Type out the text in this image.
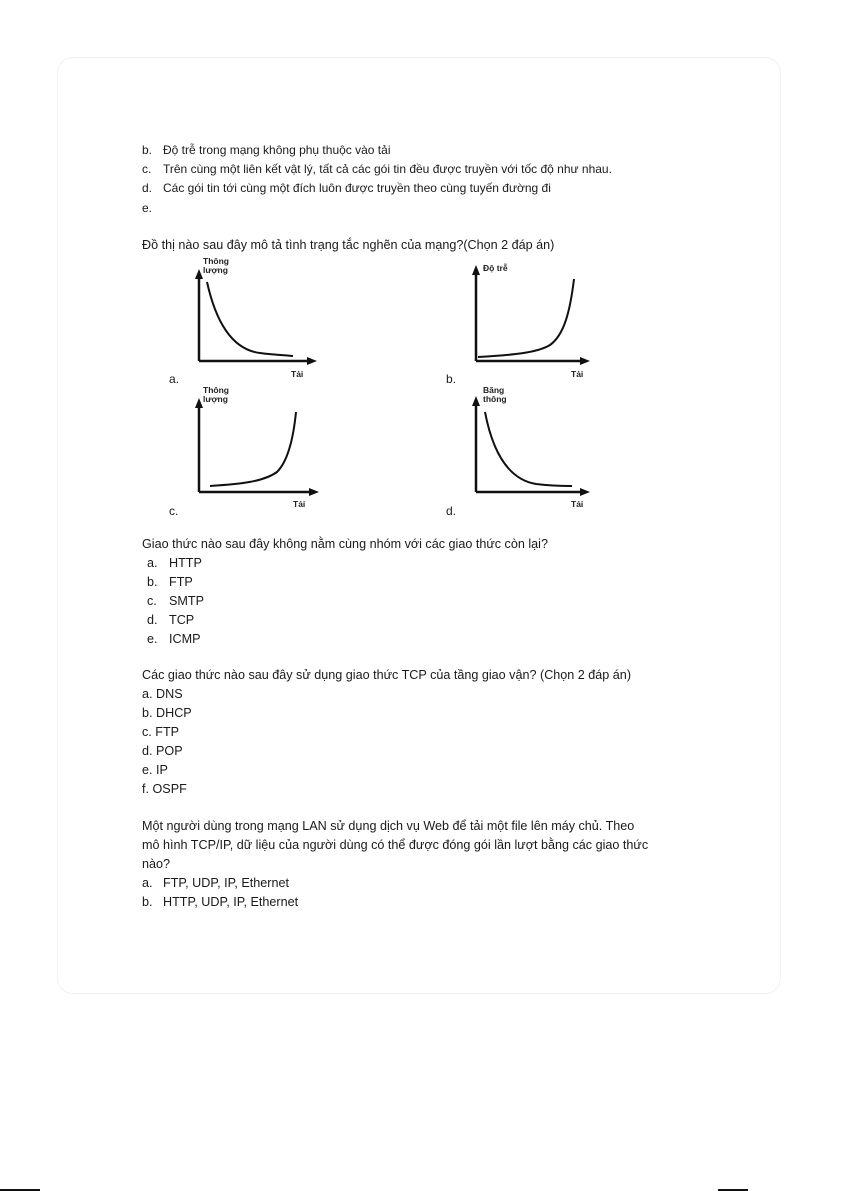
b. Độ trễ trong mạng không phụ thuộc vào tải
c. Trên cùng một liên kết vật lý, tất cả các gói tin đều được truyền với tốc độ như nhau.
d. Các gói tin tới cùng một đích luôn được truyền theo cùng tuyến đường đi
e.
Đồ thị nào sau đây mô tả tình trạng tắc nghẽn của mạng?(Chọn 2 đáp án)
Thông
lượng
Tải
a.
Độ trễ
Tải
b.
Thông
lượng
Tải
c.
Băng
thông
Tải
d.
Giao thức nào sau đây không nằm cùng nhóm với các giao thức còn lại?
a. HTTP
b. FTP
c. SMTP
d. TCP
e. ICMP
Các giao thức nào sau đây sử dụng giao thức TCP của tầng giao vận? (Chọn 2 đáp án)
a. DNS
b. DHCP
c. FTP
d. POP
e. IP
f. OSPF
Một người dùng trong mạng LAN sử dụng dịch vụ Web để tải một file lên máy chủ. Theo
mô hình TCP/IP, dữ liệu của người dùng có thể được đóng gói lần lượt bằng các giao thức
nào?
a. FTP, UDP, IP, Ethernet
b. HTTP, UDP, IP, Ethernet
